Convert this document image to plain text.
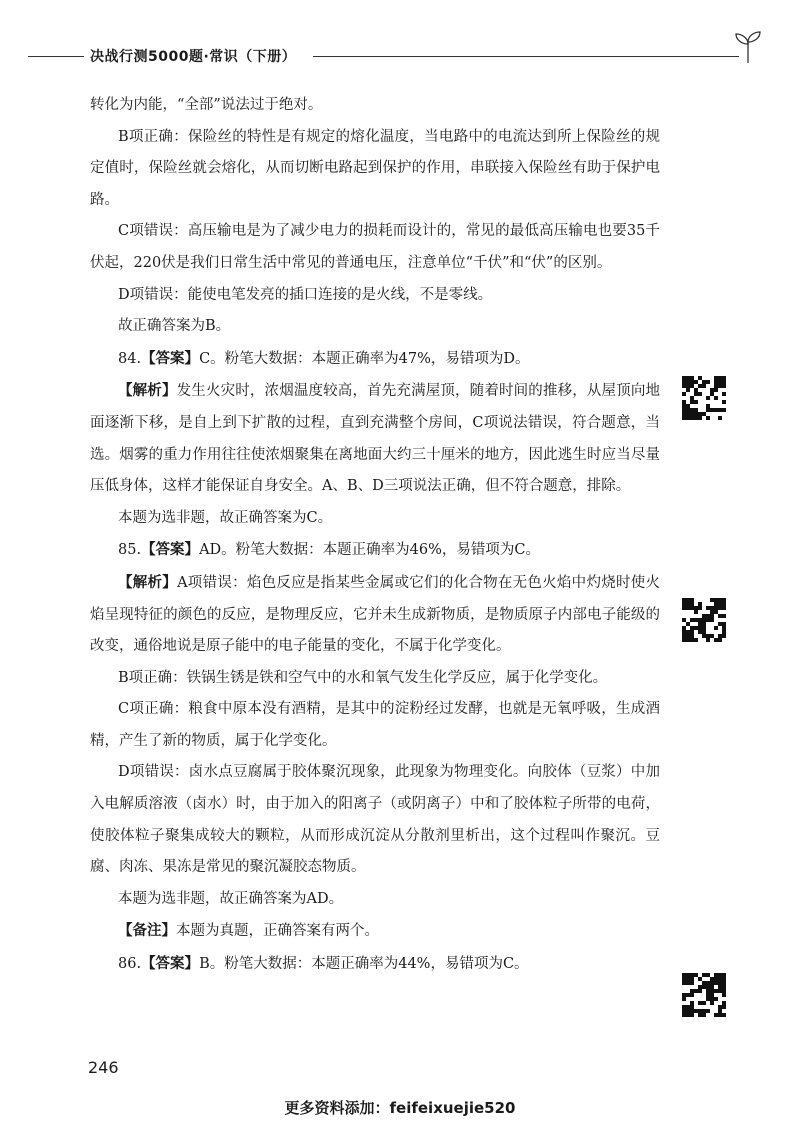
决战行测5000题·常识（下册）

转化为内能，“全部”说法过于绝对。

B项正确：保险丝的特性是有规定的熔化温度，当电路中的电流达到所上保险丝的规定值时，保险丝就会熔化，从而切断电路起到保护的作用，串联接入保险丝有助于保护电路。

C项错误：高压输电是为了减少电力的损耗而设计的，常见的最低高压输电也要35千伏起，220伏是我们日常生活中常见的普通电压，注意单位“千伏”和“伏”的区别。

D项错误：能使电笔发亮的插口连接的是火线，不是零线。

故正确答案为B。

84.【答案】C。粉笔大数据：本题正确率为47%，易错项为D。

【解析】发生火灾时，浓烟温度较高，首先充满屋顶，随着时间的推移，从屋顶向地面逐渐下移，是自上到下扩散的过程，直到充满整个房间，C项说法错误，符合题意，当选。烟雾的重力作用往往使浓烟聚集在离地面大约三十厘米的地方，因此逃生时应当尽量压低身体，这样才能保证自身安全。A、B、D三项说法正确，但不符合题意，排除。

本题为选非题，故正确答案为C。

85.【答案】AD。粉笔大数据：本题正确率为46%，易错项为C。

【解析】A项错误：焰色反应是指某些金属或它们的化合物在无色火焰中灼烧时使火焰呈现特征的颜色的反应，是物理反应，它并未生成新物质，是物质原子内部电子能级的改变，通俗地说是原子能中的电子能量的变化，不属于化学变化。

B项正确：铁锅生锈是铁和空气中的水和氧气发生化学反应，属于化学变化。

C项正确：粮食中原本没有酒精，是其中的淀粉经过发酵，也就是无氧呼吸，生成酒精，产生了新的物质，属于化学变化。

D项错误：卤水点豆腐属于胶体聚沉现象，此现象为物理变化。向胶体（豆浆）中加入电解质溶液（卤水）时，由于加入的阳离子（或阴离子）中和了胶体粒子所带的电荷，使胶体粒子聚集成较大的颗粒，从而形成沉淀从分散剂里析出，这个过程叫作聚沉。豆腐、肉冻、果冻是常见的聚沉凝胶态物质。

本题为选非题，故正确答案为AD。

【备注】本题为真题，正确答案有两个。

86.【答案】B。粉笔大数据：本题正确率为44%，易错项为C。

246
更多资料添加：feifeixuejie520
